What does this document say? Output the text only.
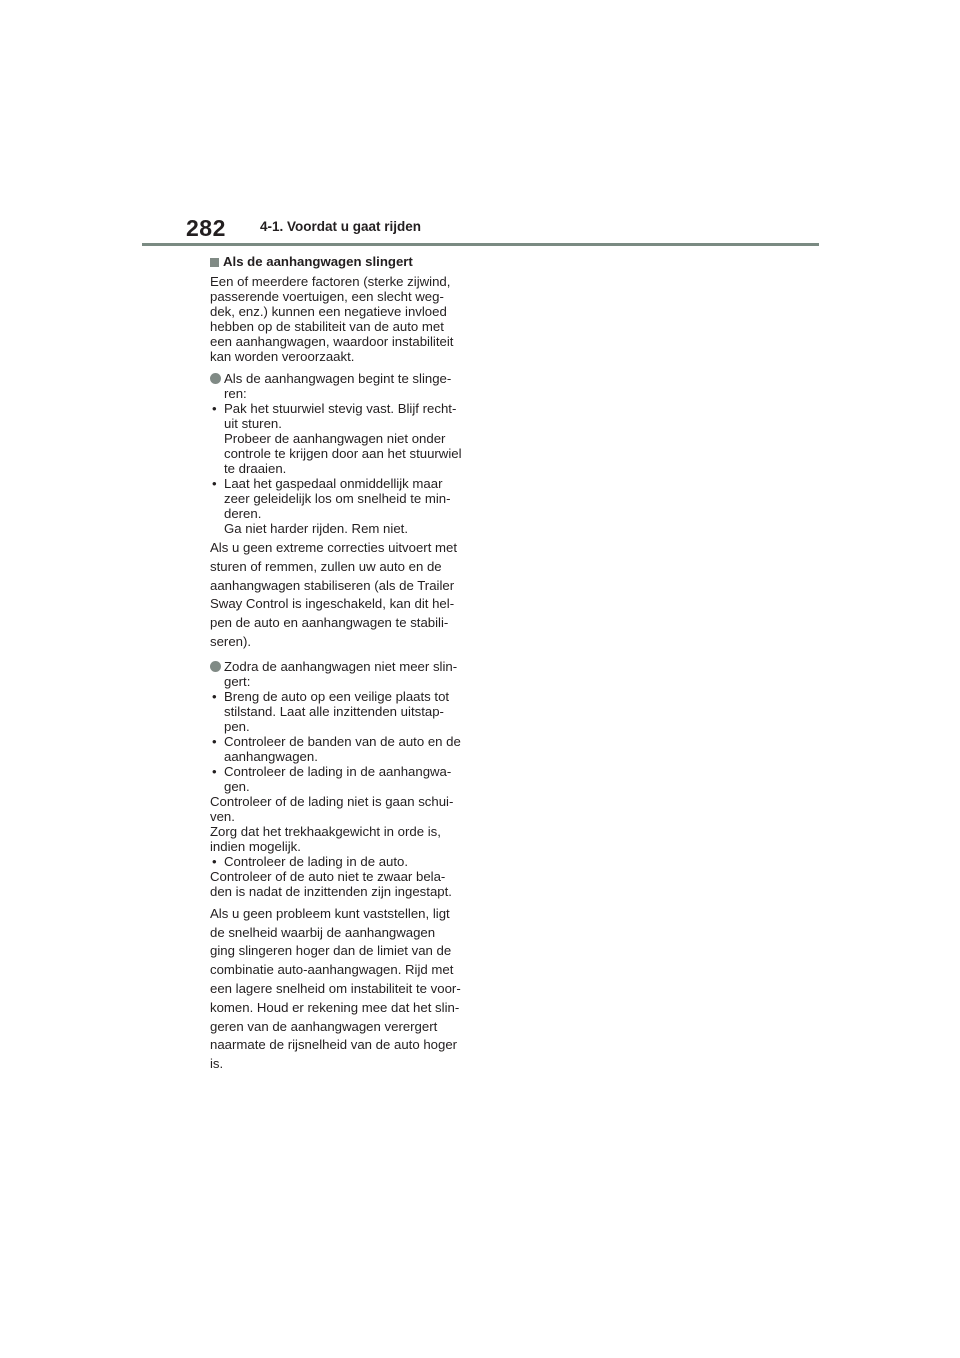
282	4-1. Voordat u gaat rijden
Als de aanhangwagen slingert
Een of meerdere factoren (sterke zijwind,
passerende voertuigen, een slecht weg-
dek, enz.) kunnen een negatieve invloed
hebben op de stabiliteit van de auto met
een aanhangwagen, waardoor instabiliteit
kan worden veroorzaakt.
Als de aanhangwagen begint te slinge-
ren:
• Pak het stuurwiel stevig vast. Blijf recht-
uit sturen.
Probeer de aanhangwagen niet onder
controle te krijgen door aan het stuurwiel
te draaien.
• Laat het gaspedaal onmiddellijk maar
zeer geleidelijk los om snelheid te min-
deren.
Ga niet harder rijden. Rem niet.
Als u geen extreme correcties uitvoert met
sturen of remmen, zullen uw auto en de
aanhangwagen stabiliseren (als de Trailer
Sway Control is ingeschakeld, kan dit hel-
pen de auto en aanhangwagen te stabili-
seren).
Zodra de aanhangwagen niet meer slin-
gert:
• Breng de auto op een veilige plaats tot
stilstand. Laat alle inzittenden uitstap-
pen.
• Controleer de banden van de auto en de
aanhangwagen.
• Controleer de lading in de aanhangwa-
gen.
Controleer of de lading niet is gaan schui-
ven.
Zorg dat het trekhaakgewicht in orde is,
indien mogelijk.
• Controleer de lading in de auto.
Controleer of de auto niet te zwaar bela-
den is nadat de inzittenden zijn ingestapt.
Als u geen probleem kunt vaststellen, ligt
de snelheid waarbij de aanhangwagen
ging slingeren hoger dan de limiet van de
combinatie auto-aanhangwagen. Rijd met
een lagere snelheid om instabiliteit te voor-
komen. Houd er rekening mee dat het slin-
geren van de aanhangwagen verergert
naarmate de rijsnelheid van de auto hoger
is.
